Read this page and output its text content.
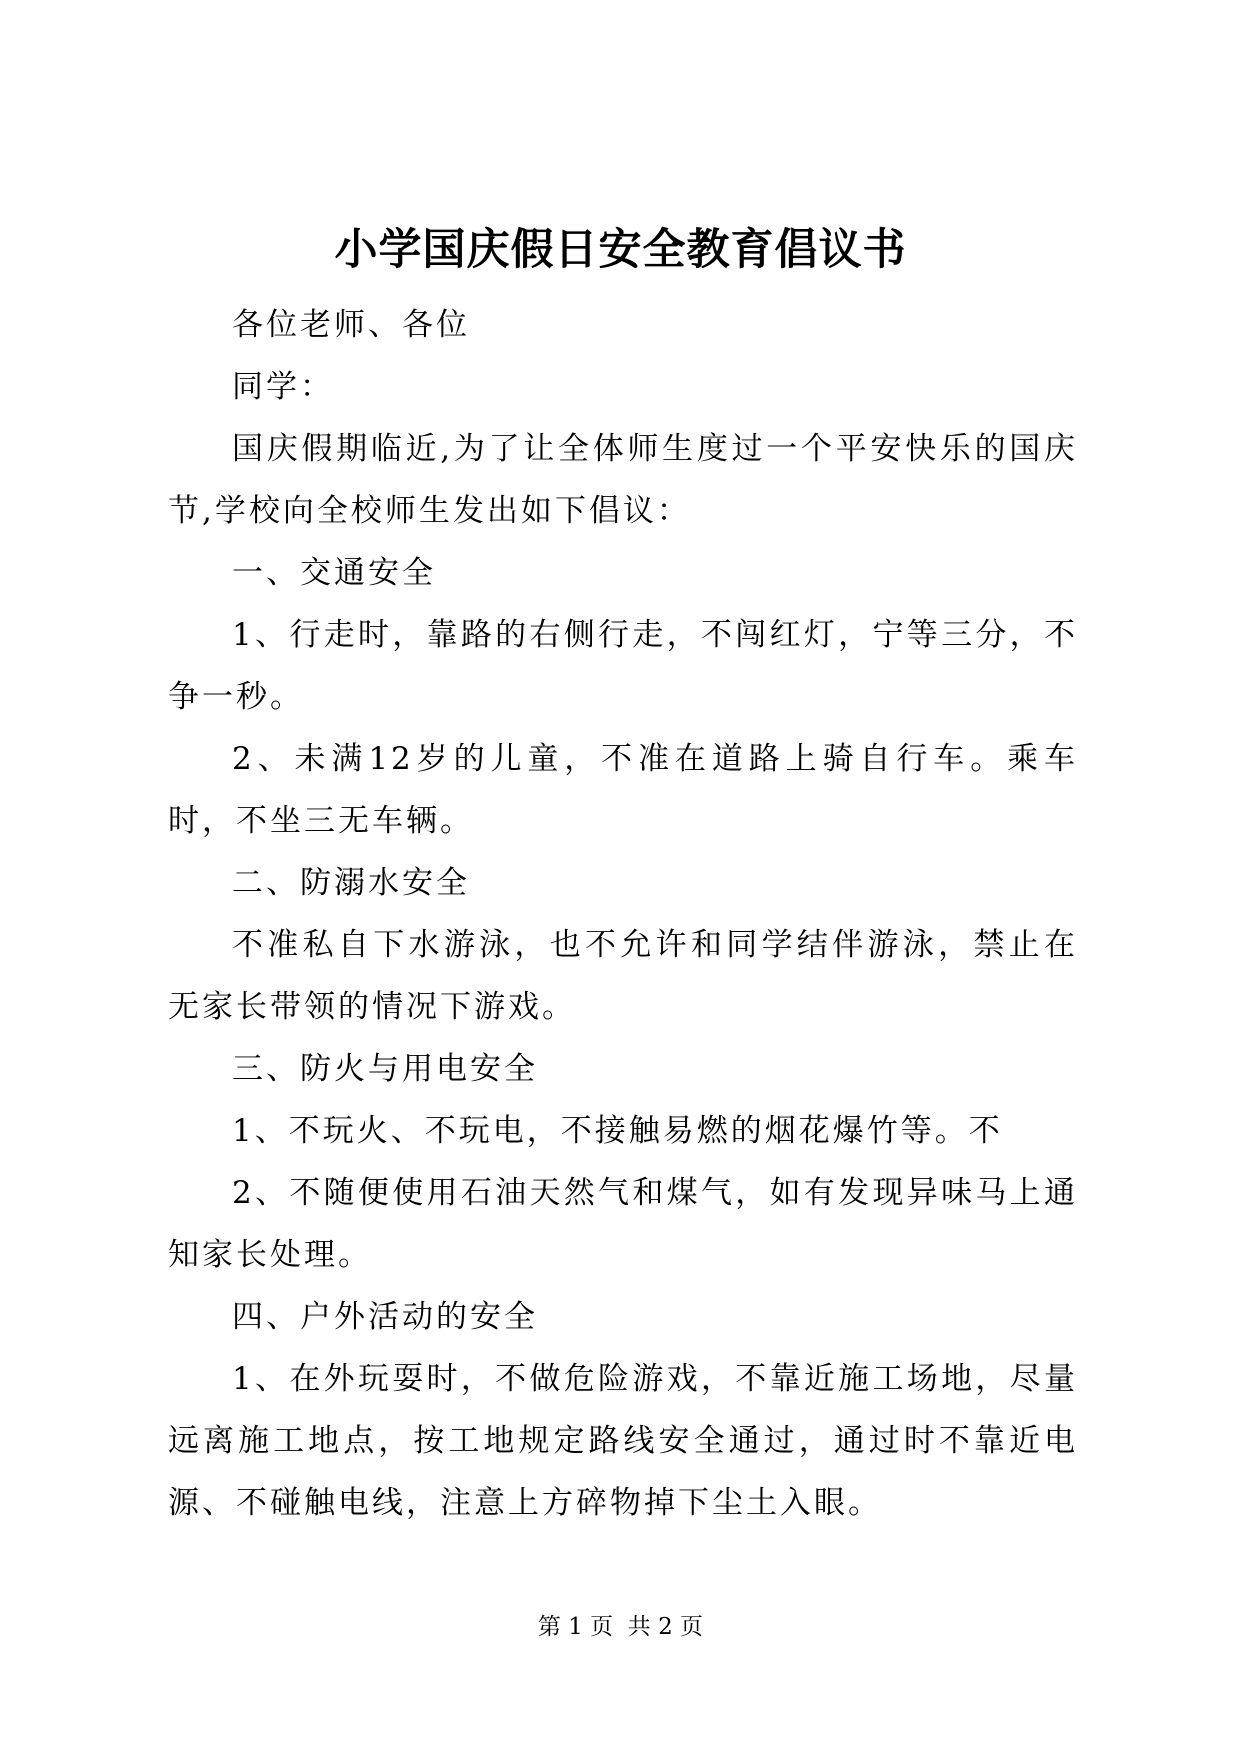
小学国庆假日安全教育倡议书

各位老师、各位

同学：

国庆假期临近,为了让全体师生度过一个平安快乐的国庆节,学校向全校师生发出如下倡议：

一、交通安全

1、行走时，靠路的右侧行走，不闯红灯，宁等三分，不争一秒。

2、未满12岁的儿童，不准在道路上骑自行车。乘车时，不坐三无车辆。

二、防溺水安全

不准私自下水游泳，也不允许和同学结伴游泳，禁止在无家长带领的情况下游戏。

三、防火与用电安全

1、不玩火、不玩电，不接触易燃的烟花爆竹等。不

2、不随便使用石油天然气和煤气，如有发现异味马上通知家长处理。

四、户外活动的安全

1、在外玩耍时，不做危险游戏，不靠近施工场地，尽量远离施工地点，按工地规定路线安全通过，通过时不靠近电源、不碰触电线，注意上方碎物掉下尘土入眼。

第 1 页  共 2 页
